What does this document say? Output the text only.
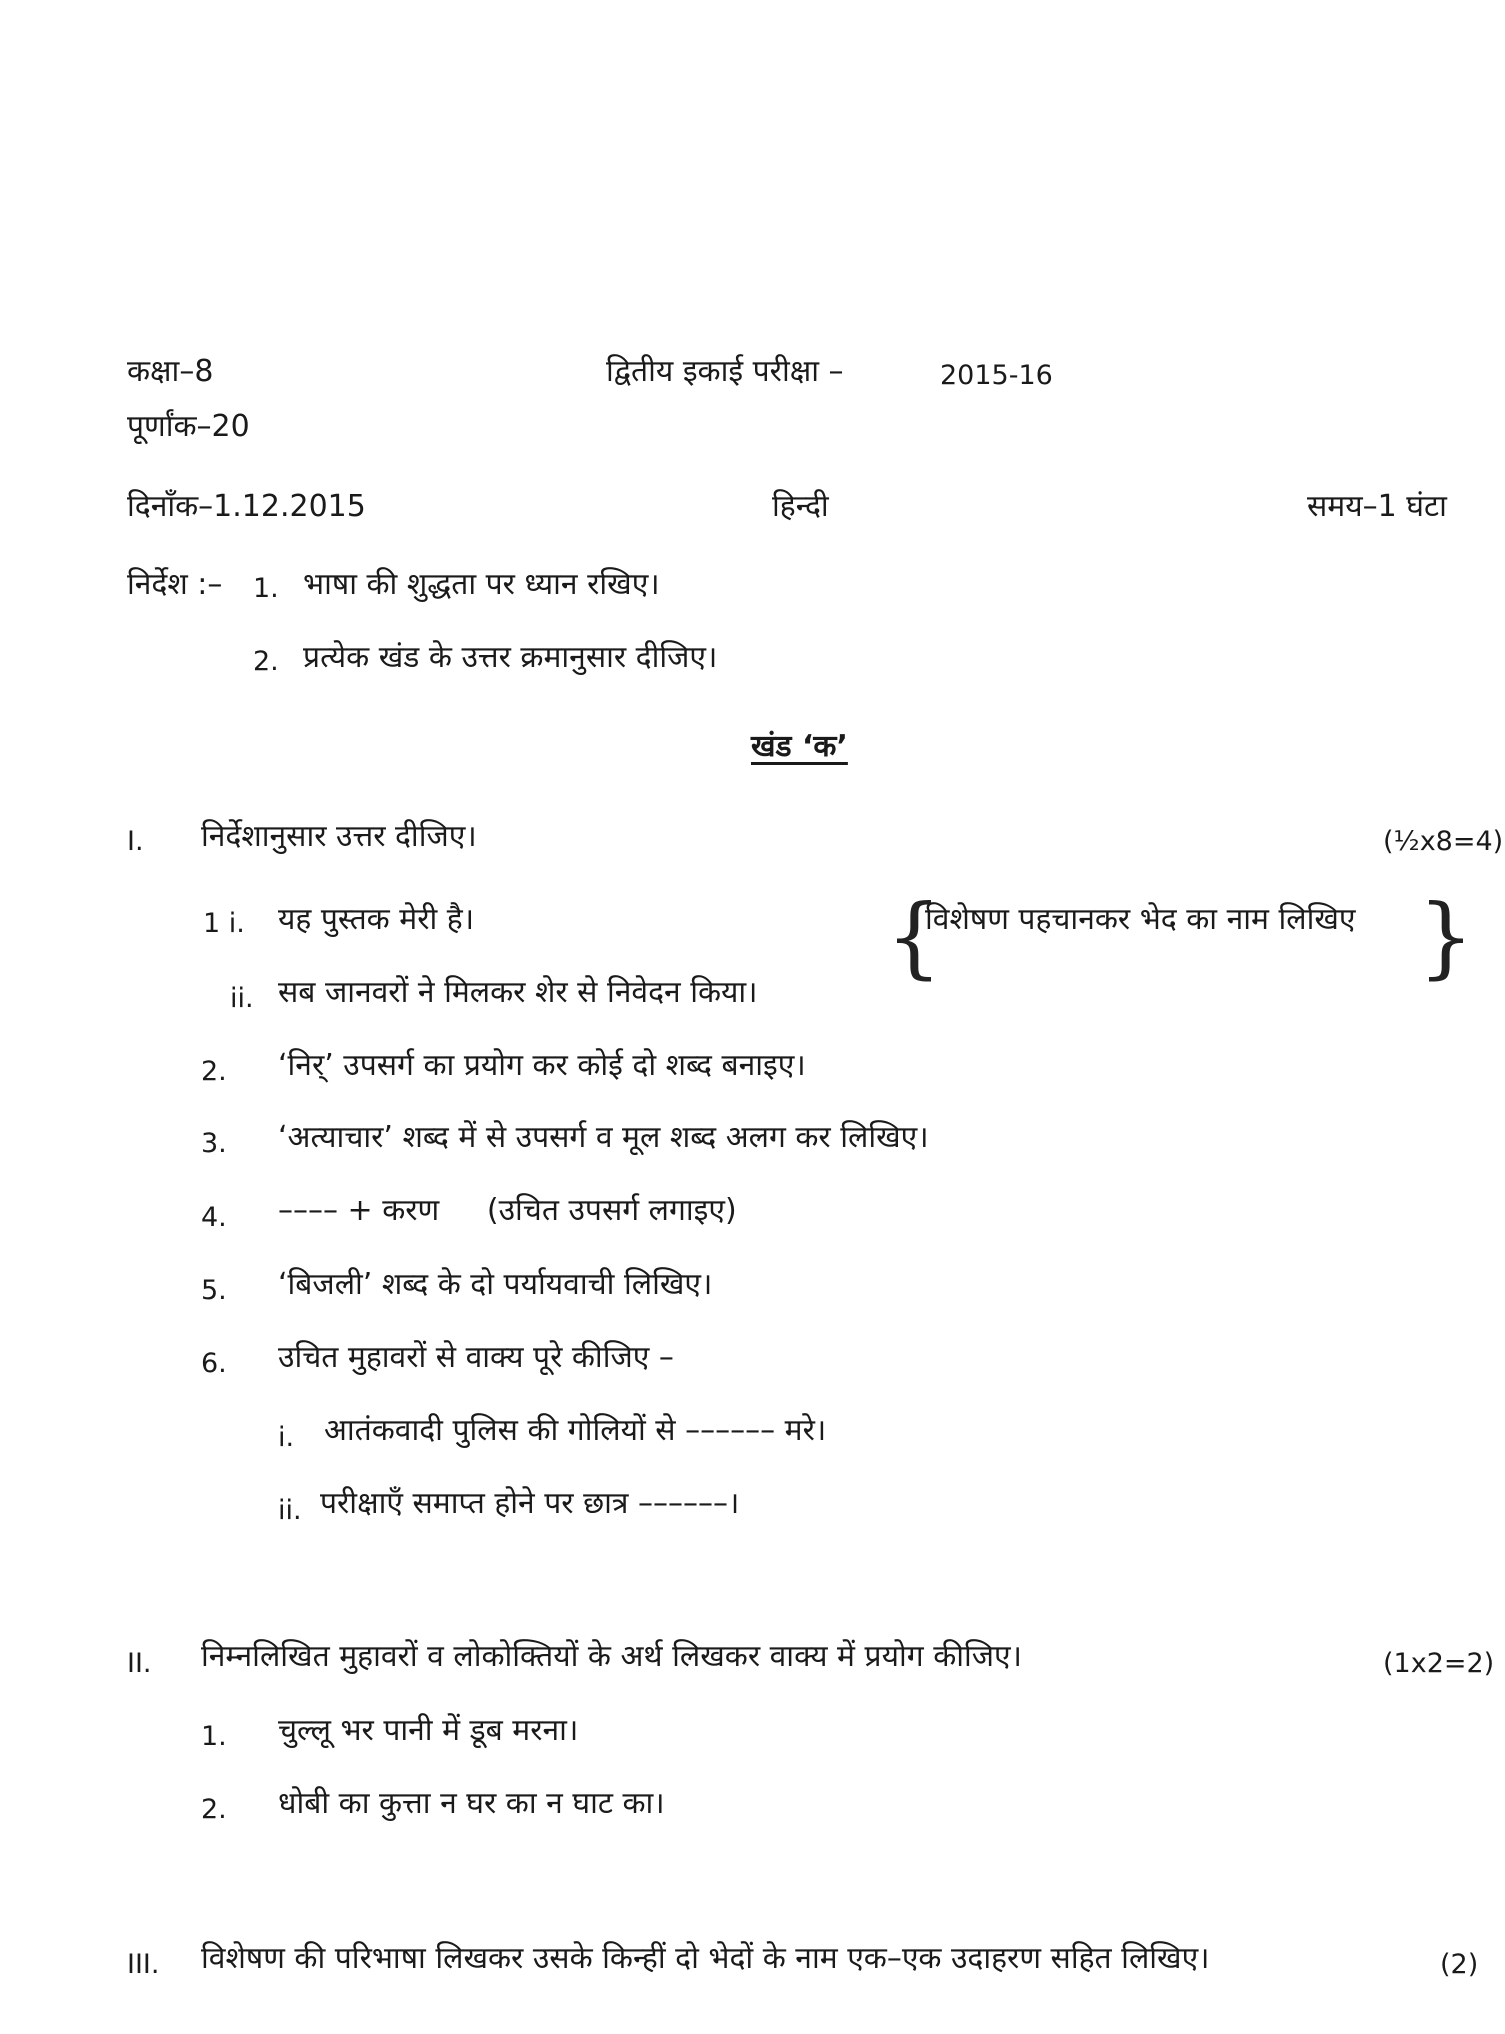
कक्षा–8	द्वितीय इकाई परीक्षा –	2015-16
पूर्णांक–20
दिनाँक–1.12.2015	हिन्दी	समय–1 घंटा
निर्देश :– 1. भाषा की शुद्धता पर ध्यान रखिए।
2. प्रत्येक खंड के उत्तर क्रमानुसार दीजिए।
खंड ‘क’
I. निर्देशानुसार उत्तर दीजिए।	(½x8=4)
1 i. यह पुस्तक मेरी है।	{
विशेषण पहचानकर भेद का नाम लिखिए }
ii. सब जानवरों ने मिलकर शेर से निवेदन किया।
2. ‘निर्’ उपसर्ग का प्रयोग कर कोई दो शब्द बनाइए।
3. ‘अत्याचार’ शब्द में से उपसर्ग व मूल शब्द अलग कर लिखिए।
4. –––– + करण     (उचित उपसर्ग लगाइए)
5. ‘बिजली’ शब्द के दो पर्यायवाची लिखिए।
6. उचित मुहावरों से वाक्य पूरे कीजिए –
i. आतंकवादी पुलिस की गोलियों से –––––– मरे।
ii. परीक्षाएँ समाप्त होने पर छात्र ––––––।
II. निम्नलिखित मुहावरों व लोकोक्तियों के अर्थ लिखकर वाक्य में प्रयोग कीजिए।	(1x2=2)
1. चुल्लू भर पानी में डूब मरना।
2. धोबी का कुत्ता न घर का न घाट का।
III. विशेषण की परिभाषा लिखकर उसके किन्हीं दो भेदों के नाम एक–एक उदाहरण सहित लिखिए।	(2)
